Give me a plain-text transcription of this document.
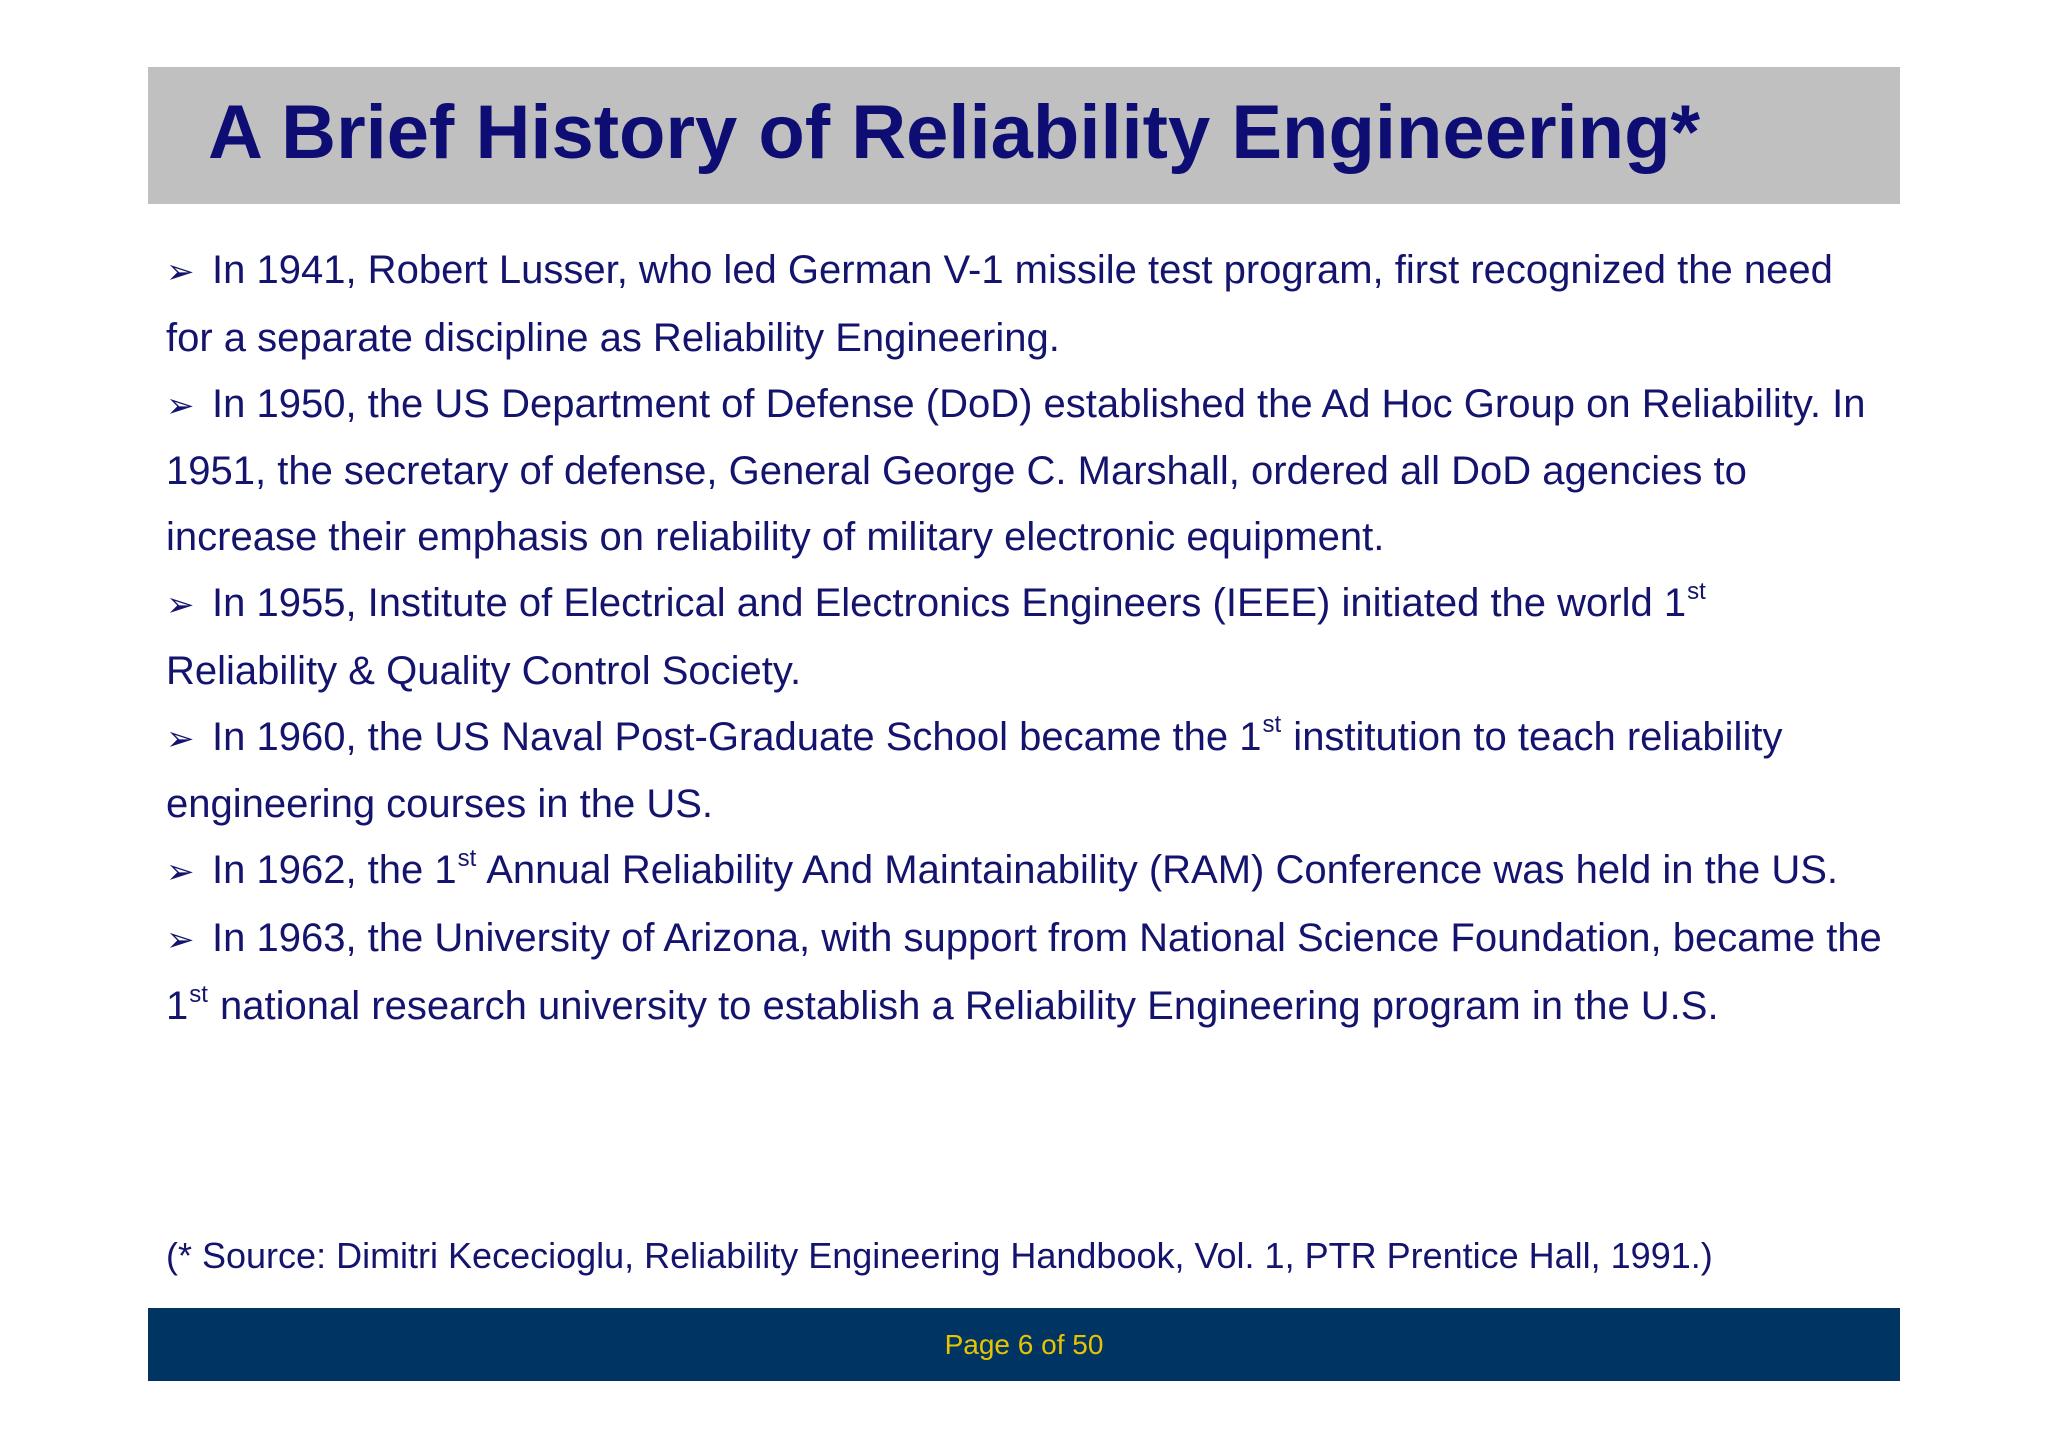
A Brief History of Reliability Engineering*

➢ In 1941, Robert Lusser, who led German V-1 missile test program, first recognized the need for a separate discipline as Reliability Engineering.

➢ In 1950, the US Department of Defense (DoD) established the Ad Hoc Group on Reliability. In 1951, the secretary of defense, General George C. Marshall, ordered all DoD agencies to increase their emphasis on reliability of military electronic equipment.

➢ In 1955, Institute of Electrical and Electronics Engineers (IEEE) initiated the world 1st Reliability & Quality Control Society.

➢ In 1960, the US Naval Post-Graduate School became the 1st institution to teach reliability engineering courses in the US.

➢ In 1962, the 1st Annual Reliability And Maintainability (RAM) Conference was held in the US.

➢ In 1963, the University of Arizona, with support from National Science Foundation, became the 1st national research university to establish a Reliability Engineering program in the U.S.

(* Source: Dimitri Kececioglu, Reliability Engineering Handbook, Vol. 1, PTR Prentice Hall, 1991.)
Page 6 of 50
